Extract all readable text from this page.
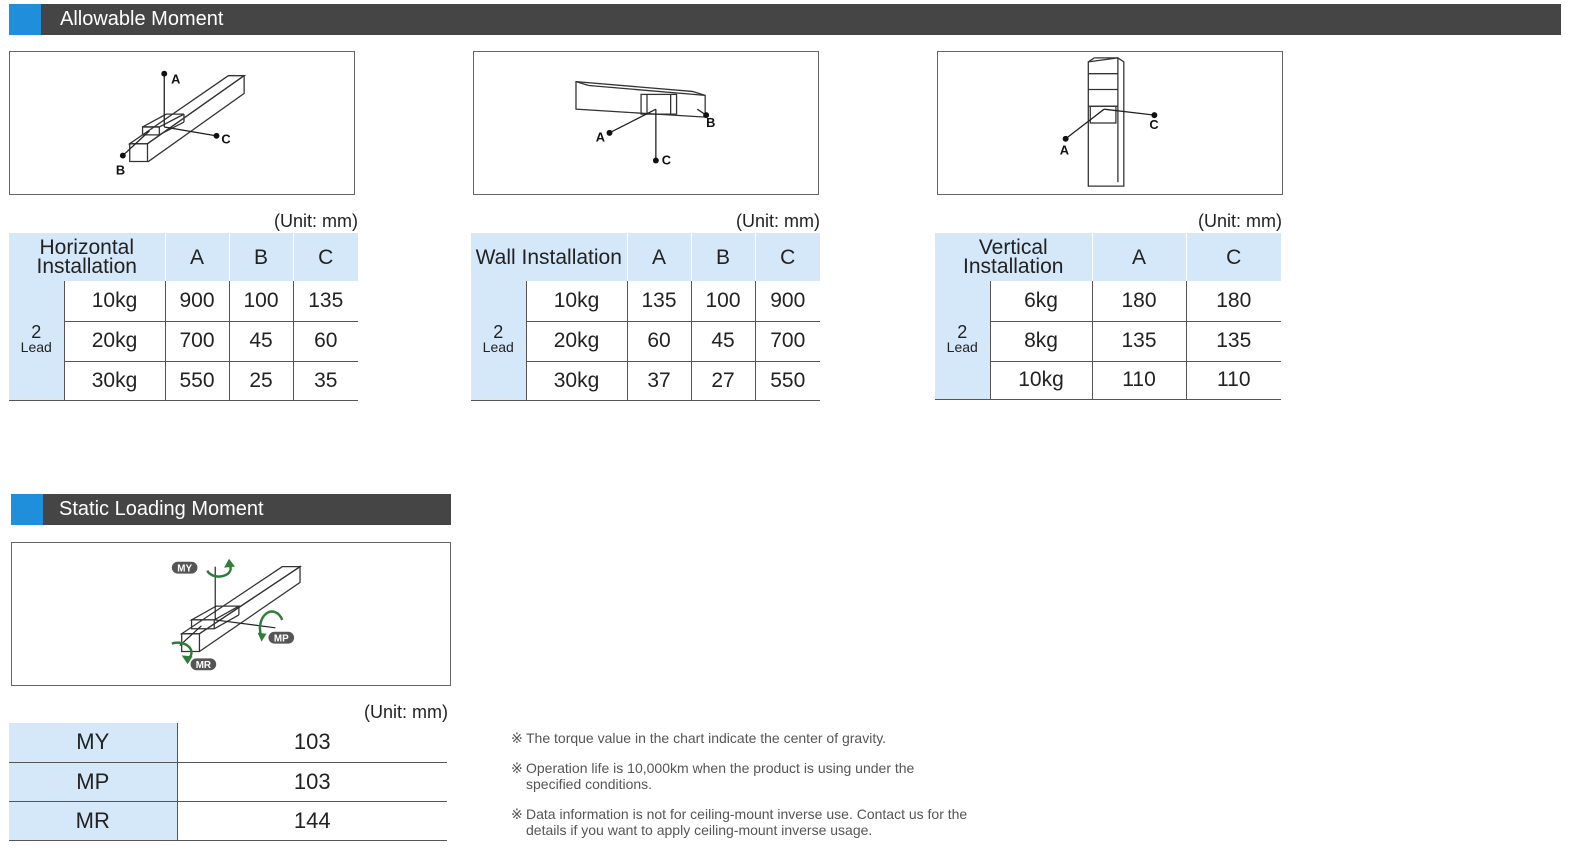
Allowable Moment
A
C
B
A
B
C
C
A
(Unit: mm)	(Unit: mm)	(Unit: mm)
Horizontal Installation		A	B	C

2
Lead	10kg	900	100	135
	20kg	700	45	60
	30kg	550	25	35
Wall Installation		A	B	C

2
Lead	10kg	135	100	900
	20kg	60	45	700
	30kg	37	27	550
Vertical Installation		A	C

2
Lead	6kg	180	180
	8kg	135	135
	10kg	110	110
Static Loading Moment
MY
MP
MR
(Unit: mm)
MY	103
MP	103
MR	144
※ The torque value in the chart indicate the center of gravity.
※ Operation life is 10,000km when the product is using under the specified conditions.
※ Data information is not for ceiling-mount inverse use. Contact us for the details if you want to apply ceiling-mount inverse usage.
